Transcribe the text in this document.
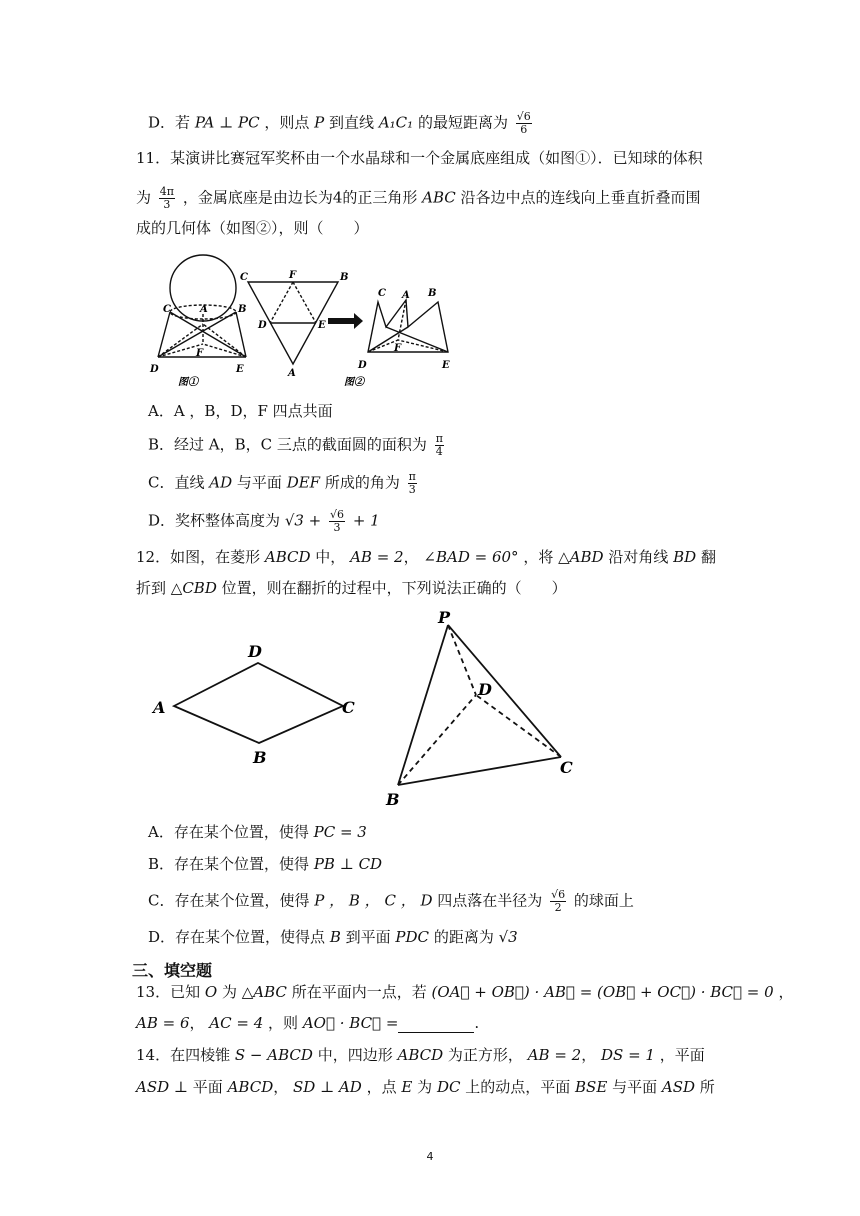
D．若 PA ⊥ PC ，则点 P 到直线 A₁C₁ 的最短距离为 $\frac{√6}{6}$
11．某演讲比赛冠军奖杯由一个水晶球和一个金属底座组成（如图①）．已知球的体积
为 $\frac{4\pi}{3}$ ，金属底座是由边长为4的正三角形 ABC 沿各边中点的连线向上垂直折叠而围
成的几何体（如图②），则（　　）
C	A	B
F
D	E
图①
C	F	B
D	E
A
C A B
F
D	E
图②
A．A ，B，D，F 四点共面
B．经过 A，B，C 三点的截面圆的面积为 $\frac{\pi}{4}$
C．直线 AD 与平面 DEF 所成的角为 $\frac{\pi}{3}$
D．奖杯整体高度为 $√3 + \frac{√6}{3} + 1$
12．如图，在菱形 ABCD 中， AB = 2， ∠BAD = 60° ，将 △ABD 沿对角线 BD 翻
折到 △CBD 位置，则在翻折的过程中，下列说法正确的（　　）
D
A	C
B
P
D
C
B
A．存在某个位置，使得 PC = 3
B．存在某个位置，使得 PB ⊥ CD
C．存在某个位置，使得 P ， B ， C ， D 四点落在半径为 $\frac{√6}{2}$ 的球面上
D．存在某个位置，使得点 B 到平面 PDC 的距离为 √3
三、填空题
13．已知 O 为 △ABC 所在平面内一点，若 (OA⃗ + OB⃗) · AB⃗ = (OB⃗ + OC⃗) · BC⃗ = 0 ，
AB = 6， AC = 4 ，则 AO⃗ · BC⃗ =	.
14．在四棱锥 S − ABCD 中，四边形 ABCD 为正方形， AB = 2， DS = 1 ，平面
ASD ⊥ 平面 ABCD， SD ⊥ AD ，点 E 为 DC 上的动点，平面 BSE 与平面 ASD 所
4
